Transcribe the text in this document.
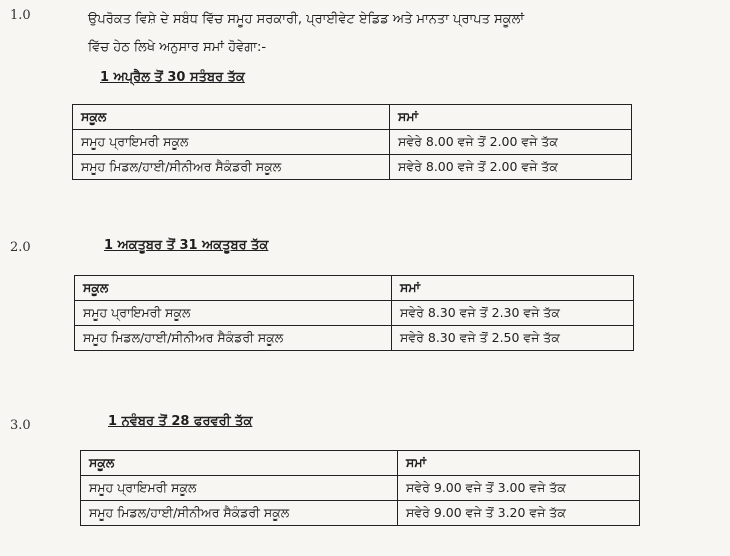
1.0	ਉਪਰੋਕਤ ਵਿਸ਼ੇ ਦੇ ਸਬੰਧ ਵਿੱਚ ਸਮੂਹ ਸਰਕਾਰੀ, ਪ੍ਰਾਈਵੇਟ ਏਡਿਡ ਅਤੇ ਮਾਨਤਾ ਪ੍ਰਾਪਤ ਸਕੂਲਾਂ
ਵਿੱਚ ਹੇਠ ਲਿਖੇ ਅਨੁਸਾਰ ਸਮਾਂ ਹੋਵੇਗਾ:-
1 ਅਪ੍ਰੈਲ ਤੋਂ 30 ਸਤੰਬਰ ਤੱਕ
ਸਕੂਲ	ਸਮਾਂ
ਸਮੂਹ ਪ੍ਰਾਇਮਰੀ ਸਕੂਲ	ਸਵੇਰੇ 8.00 ਵਜੇ ਤੋਂ 2.00 ਵਜੇ ਤੱਕ
ਸਮੂਹ ਮਿਡਲ/ਹਾਈ/ਸੀਨੀਅਰ ਸੈਕੰਡਰੀ ਸਕੂਲ	ਸਵੇਰੇ 8.00 ਵਜੇ ਤੋਂ 2.00 ਵਜੇ ਤੱਕ
2.0	1 ਅਕਤੂਬਰ ਤੋਂ 31 ਅਕਤੂਬਰ ਤੱਕ
ਸਕੂਲ	ਸਮਾਂ
ਸਮੂਹ ਪ੍ਰਾਇਮਰੀ ਸਕੂਲ	ਸਵੇਰੇ 8.30 ਵਜੇ ਤੋਂ 2.30 ਵਜੇ ਤੱਕ
ਸਮੂਹ ਮਿਡਲ/ਹਾਈ/ਸੀਨੀਅਰ ਸੈਕੰਡਰੀ ਸਕੂਲ	ਸਵੇਰੇ 8.30 ਵਜੇ ਤੋਂ 2.50 ਵਜੇ ਤੱਕ
3.0	1 ਨਵੰਬਰ ਤੋਂ 28 ਫਰਵਰੀ ਤੱਕ
ਸਕੂਲ	ਸਮਾਂ
ਸਮੂਹ ਪ੍ਰਾਇਮਰੀ ਸਕੂਲ	ਸਵੇਰੇ 9.00 ਵਜੇ ਤੋਂ 3.00 ਵਜੇ ਤੱਕ
ਸਮੂਹ ਮਿਡਲ/ਹਾਈ/ਸੀਨੀਅਰ ਸੈਕੰਡਰੀ ਸਕੂਲ	ਸਵੇਰੇ 9.00 ਵਜੇ ਤੋਂ 3.20 ਵਜੇ ਤੱਕ
